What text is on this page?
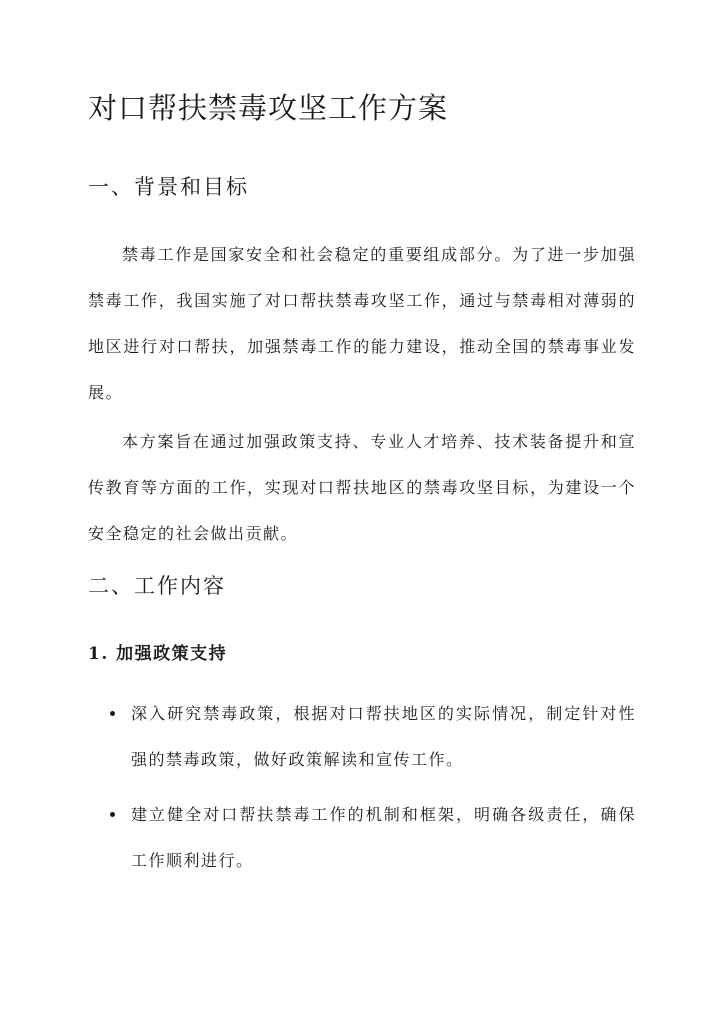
对口帮扶禁毒攻坚工作方案
一、背景和目标

禁毒工作是国家安全和社会稳定的重要组成部分。为了进一步加强禁毒工作，我国实施了对口帮扶禁毒攻坚工作，通过与禁毒相对薄弱的地区进行对口帮扶，加强禁毒工作的能力建设，推动全国的禁毒事业发展。

本方案旨在通过加强政策支持、专业人才培养、技术装备提升和宣传教育等方面的工作，实现对口帮扶地区的禁毒攻坚目标，为建设一个安全稳定的社会做出贡献。

二、工作内容
1. 加强政策支持

深入研究禁毒政策，根据对口帮扶地区的实际情况，制定针对性强的禁毒政策，做好政策解读和宣传工作。

建立健全对口帮扶禁毒工作的机制和框架，明确各级责任，确保工作顺利进行。
